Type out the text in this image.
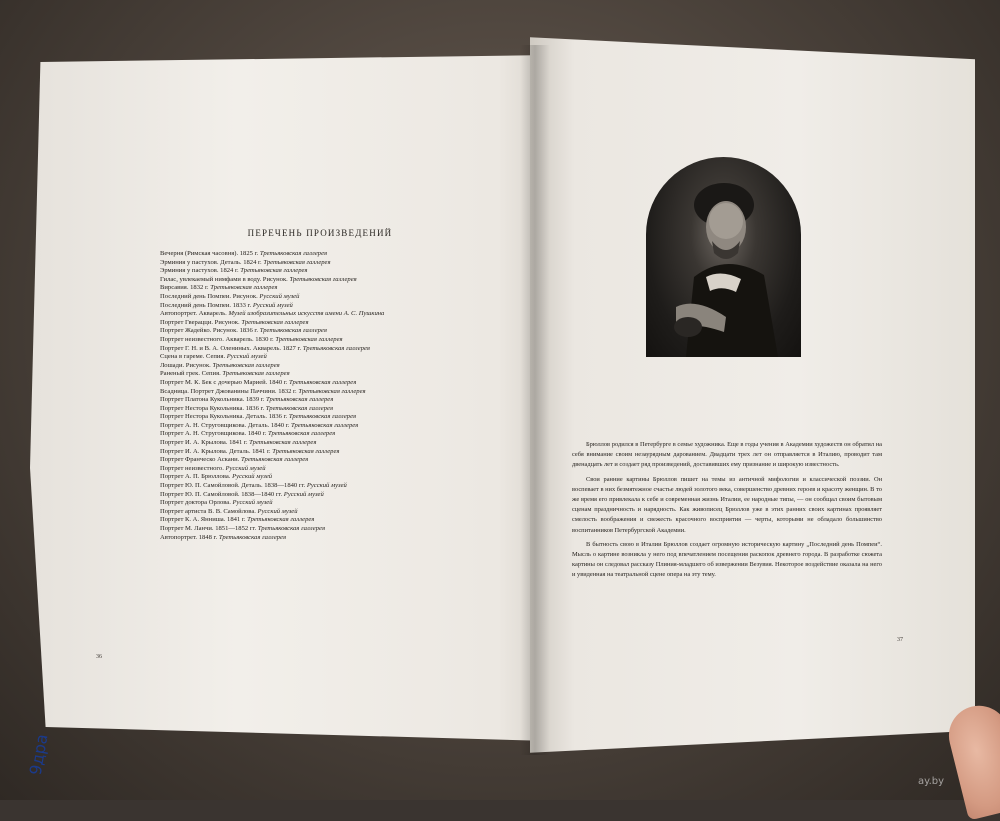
ПЕРЕЧЕНЬ ПРОИЗВЕДЕНИЙ
Вечерня (Римская часовня). 1825 г. Третьяковская галлерея
Эрминия у пастухов. Деталь. 1824 г. Третьяковская галлерея
Эрминия у пастухов. 1824 г. Третьяковская галлерея
Гилас, увлекаемый нимфами в воду. Рисунок. Третьяковская галлерея
Вирсавия. 1832 г. Третьяковская галлерея
Последний день Помпеи. Рисунок. Русский музей
Последний день Помпеи. 1833 г. Русский музей
Автопортрет. Акварель. Музей изобразительных искусств имени А. С. Пушкина
Портрет Гверацци. Рисунок. Третьяковская галлерея
Портрет Жадейко. Рисунок. 1836 г. Третьяковская галлерея
Портрет неизвестного. Акварель. 1830 г. Третьяковская галлерея
Портрет Г. Н. и В. А. Олениных. Акварель. 1827 г. Третьяковская галлерея
Сцена в гареме. Сепия. Русский музей
Лошади. Рисунок. Третьяковская галлерея
Раненый грек. Сепия. Третьяковская галлерея
Портрет М. К. Бек с дочерью Марией. 1840 г. Третьяковская галлерея
Всадница. Портрет Джованины Паччини. 1832 г. Третьяковская галлерея
Портрет Платона Кукольника. 1839 г. Третьяковская галлерея
Портрет Нестора Кукольника. 1836 г. Третьяковская галлерея
Портрет Нестора Кукольника. Деталь. 1836 г. Третьяковская галлерея
Портрет А. Н. Струговщикова. Деталь. 1840 г. Третьяковская галлерея
Портрет А. Н. Струговщикова. 1840 г. Третьяковская галлерея
Портрет И. А. Крылова. 1841 г. Третьяковская галлерея
Портрет И. А. Крылова. Деталь. 1841 г. Третьяковская галлерея
Портрет Франческо Аскани. Третьяковская галлерея
Портрет неизвестного. Русский музей
Портрет А. П. Брюллова. Русский музей
Портрет Ю. П. Самойловой. Деталь. 1838—1840 гг. Русский музей
Портрет Ю. П. Самойловой. 1838—1840 гг. Русский музей
Портрет доктора Орлова. Русский музей
Портрет артиста В. В. Самойлова. Русский музей
Портрет К. А. Янниша. 1841 г. Третьяковская галлерея
Портрет М. Ланчи. 1851—1852 гг. Третьяковская галлерея
Автопортрет. 1848 г. Третьяковская галлерея
36

Брюллов родился в Петербурге в семье художника. Еще в годы учения в Академии художеств он обратил на себя внимание своим незаурядным дарованием. Двадцати трех лет он отправляется в Италию, проводит там двенадцать лет и создает ряд произведений, доставивших ему признание и широкую известность.

Свои ранние картины Брюллов пишет на темы из античной мифологии и классической поэзии. Он воспевает в них безмятежное счастье людей золотого века, совершенство древних героев и красоту женщин. В то же время его привлекала к себе и современная жизнь Италии, ее народные типы, — он сообщал своим бытовым сценам праздничность и нарядность. Как живописец Брюллов уже в этих ранних своих картинах проявляет смелость воображения и свежесть красочного восприятия — черты, которыми не обладало большинство воспитанников Петербургской Академии.

В бытность свою в Италии Брюллов создает огромную историческую картину „Последний день Помпеи“. Мысль о картине возникла у него под впечатлением посещения раскопок древнего города. В разработке сюжета картины он следовал рассказу Плиния-младшего об извержении Везувия. Некоторое воздействие оказала на него и увиденная на театральной сцене опера на эту тему.

37
9дра
ay.by
